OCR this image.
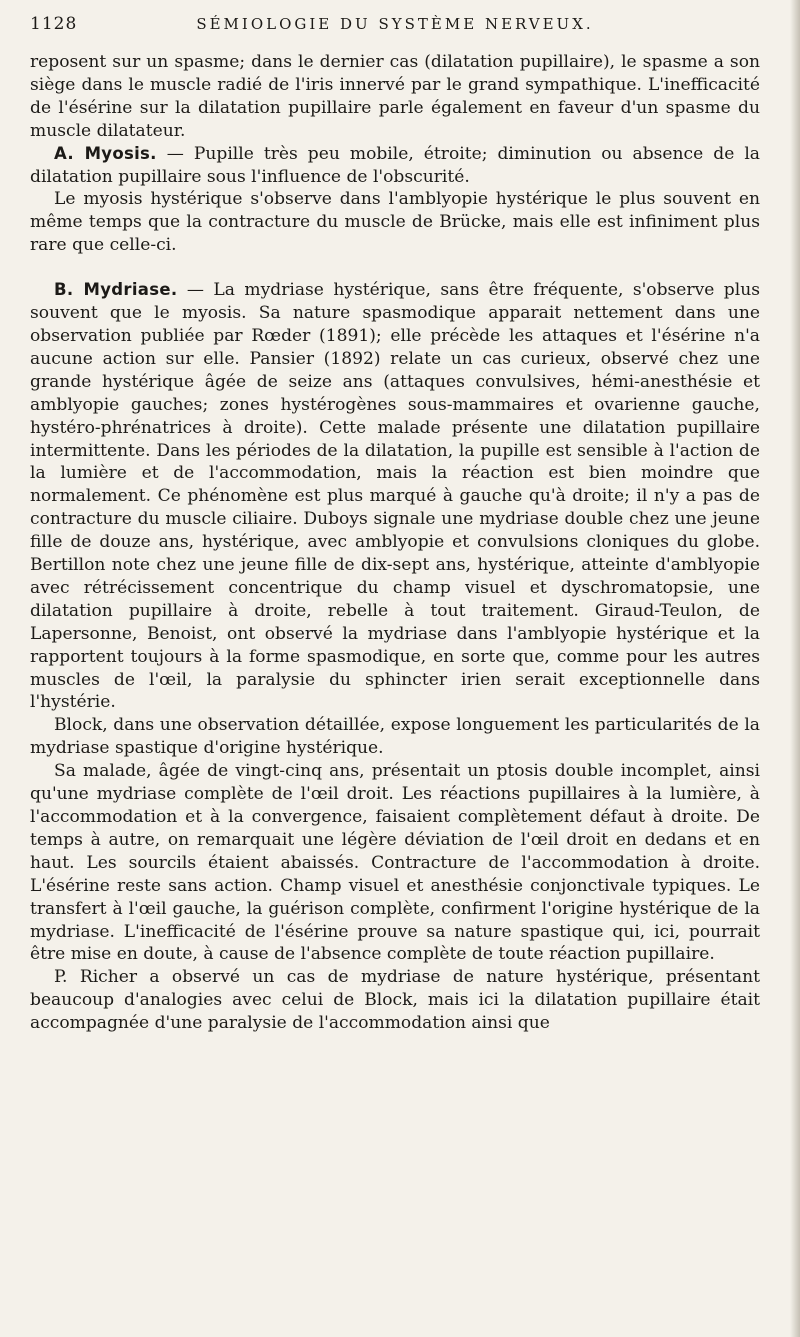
1128	SÉMIOLOGIE DU SYSTÈME NERVEUX.

reposent sur un spasme; dans le dernier cas (dilatation pupillaire), le spasme a son siège dans le muscle radié de l'iris innervé par le grand sympathique. L'inefficacité de l'ésérine sur la dilatation pupillaire parle également en faveur d'un spasme du muscle dilatateur.

A. Myosis. — Pupille très peu mobile, étroite; diminution ou absence de la dilatation pupillaire sous l'influence de l'obscurité.

Le myosis hystérique s'observe dans l'amblyopie hystérique le plus souvent en même temps que la contracture du muscle de Brücke, mais elle est infiniment plus rare que celle-ci.

B. Mydriase. — La mydriase hystérique, sans être fréquente, s'observe plus souvent que le myosis. Sa nature spasmodique apparait nettement dans une observation publiée par Rœder (1891); elle précède les attaques et l'ésérine n'a aucune action sur elle. Pansier (1892) relate un cas curieux, observé chez une grande hystérique âgée de seize ans (attaques convulsives, hémi-anesthésie et amblyopie gauches; zones hystérogènes sous-mammaires et ovarienne gauche, hystéro-phrénatrices à droite). Cette malade présente une dilatation pupillaire intermittente. Dans les périodes de la dilatation, la pupille est sensible à l'action de la lumière et de l'accommodation, mais la réaction est bien moindre que normalement. Ce phénomène est plus marqué à gauche qu'à droite; il n'y a pas de contracture du muscle ciliaire. Duboys signale une mydriase double chez une jeune fille de douze ans, hystérique, avec amblyopie et convulsions cloniques du globe. Bertillon note chez une jeune fille de dix-sept ans, hystérique, atteinte d'amblyopie avec rétrécissement concentrique du champ visuel et dyschromatopsie, une dilatation pupillaire à droite, rebelle à tout traitement. Giraud-Teulon, de Lapersonne, Benoist, ont observé la mydriase dans l'amblyopie hystérique et la rapportent toujours à la forme spasmodique, en sorte que, comme pour les autres muscles de l'œil, la paralysie du sphincter irien serait exceptionnelle dans l'hystérie.

Block, dans une observation détaillée, expose longuement les particularités de la mydriase spastique d'origine hystérique.

Sa malade, âgée de vingt-cinq ans, présentait un ptosis double incomplet, ainsi qu'une mydriase complète de l'œil droit. Les réactions pupillaires à la lumière, à l'accommodation et à la convergence, faisaient complètement défaut à droite. De temps à autre, on remarquait une légère déviation de l'œil droit en dedans et en haut. Les sourcils étaient abaissés. Contracture de l'accommodation à droite. L'ésérine reste sans action. Champ visuel et anesthésie conjonctivale typiques. Le transfert à l'œil gauche, la guérison complète, confirment l'origine hystérique de la mydriase. L'inefficacité de l'ésérine prouve sa nature spastique qui, ici, pourrait être mise en doute, à cause de l'absence complète de toute réaction pupillaire.

P. Richer a observé un cas de mydriase de nature hystérique, présentant beaucoup d'analogies avec celui de Block, mais ici la dilatation pupillaire était accompagnée d'une paralysie de l'accommodation ainsi que
